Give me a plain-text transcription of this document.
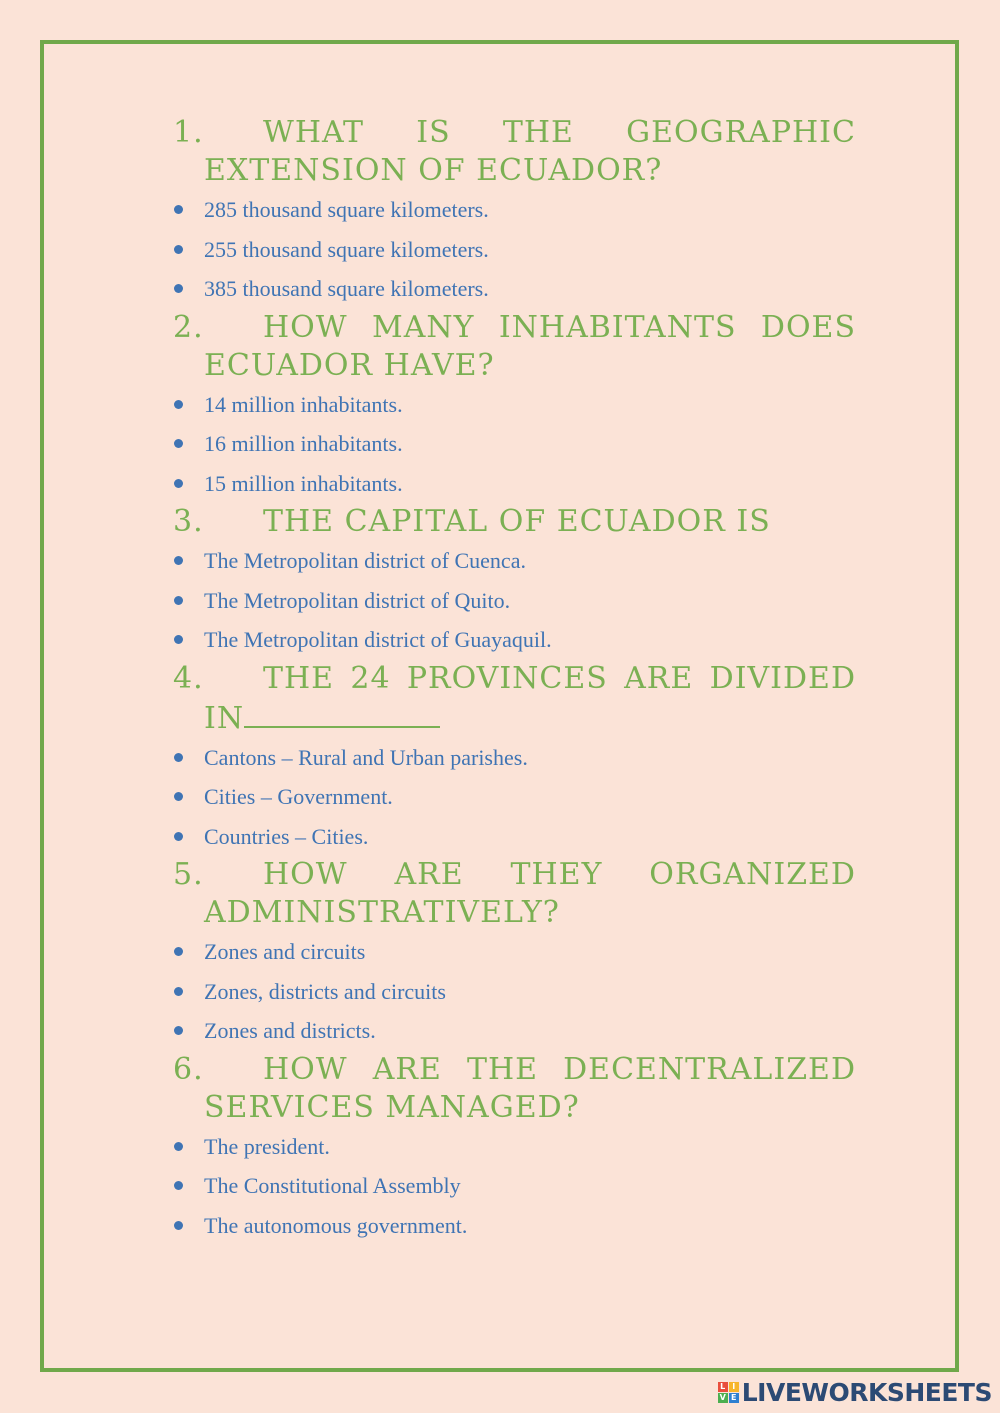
1. WHAT IS THE GEOGRAPHIC EXTENSION OF ECUADOR?

285 thousand square kilometers.
255 thousand square kilometers.
385 thousand square kilometers.

2. HOW MANY INHABITANTS DOES ECUADOR HAVE?

14 million inhabitants.
16 million inhabitants.
15 million inhabitants.

3. THE CAPITAL OF ECUADOR IS

The Metropolitan district of Cuenca.
The Metropolitan district of Quito.
The Metropolitan district of Guayaquil.

4. THE 24 PROVINCES ARE DIVIDED IN

Cantons – Rural and Urban parishes.
Cities – Government.
Countries – Cities.

5. HOW ARE THEY ORGANIZED ADMINISTRATIVELY?

Zones and circuits
Zones, districts and circuits
Zones and districts.

6. HOW ARE THE DECENTRALIZED SERVICES MANAGED?

The president.
The Constitutional Assembly
The autonomous government.
L I
V E LIVEWORKSHEETS
